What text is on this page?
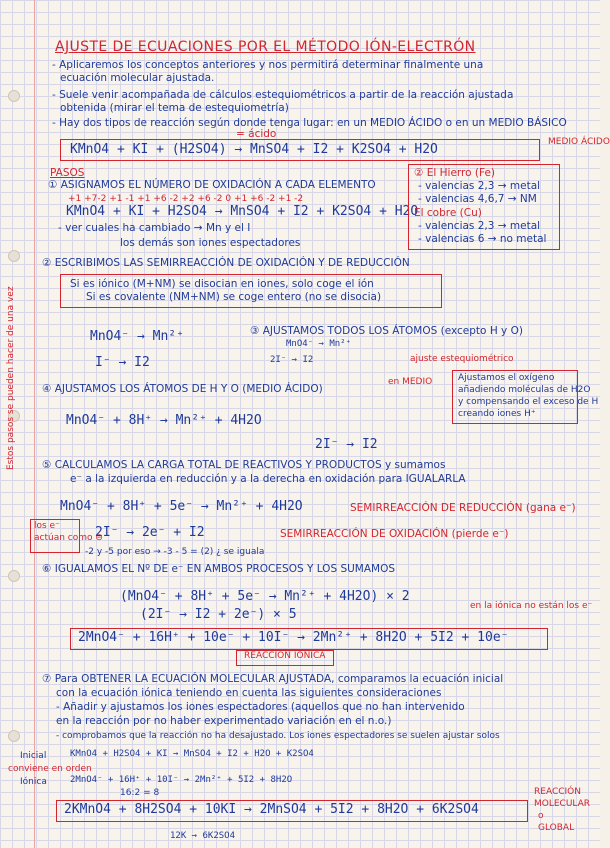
AJUSTE DE ECUACIONES POR EL MÉTODO IÓN-ELECTRÓN
- Aplicaremos los conceptos anteriores y nos permitirá determinar finalmente una
ecuación molecular ajustada.
- Suele venir acompañada de cálculos estequiométricos a partir de la reacción ajustada
obtenida (mirar el tema de estequiometría)
- Hay dos tipos de reacción según donde tenga lugar: en un MEDIO ÁCIDO o en un MEDIO BÁSICO
= ácido
KMnO4 + KI + (H2SO4) → MnSO4 + I2 + K2SO4 + H2O	MEDIO ÁCIDO
PASOS
① ASIGNAMOS EL NÚMERO DE OXIDACIÓN A CADA ELEMENTO
+1 +7-2 +1 -1 +1 +6 -2 +2 +6 -2 0 +1 +6 -2 +1 -2
KMnO4 + KI + H2SO4 → MnSO4 + I2 + K2SO4 + H2O
- ver cuales ha cambiado → Mn y el I
los demás son iones espectadores
② El Hierro (Fe)
- valencias 2,3 → metal
- valencias 4,6,7 → NM
El cobre (Cu)
- valencias 2,3 → metal
- valencias 6 → no metal
② ESCRIBIMOS LAS SEMIRREACCIÓN DE OXIDACIÓN Y DE REDUCCIÓN
Si es iónico (M+NM) se disocian en iones, solo coge el ión
Si es covalente (NM+NM) se coge entero (no se disocia)
MnO4⁻ → Mn²⁺
I⁻ → I2
③ AJUSTAMOS TODOS LOS ÁTOMOS (excepto H y O)
MnO4⁻ → Mn²⁺
2I⁻ → I2	ajuste estequiométrico
④ AJUSTAMOS LOS ÁTOMOS DE H Y O (MEDIO ÁCIDO)
en MEDIO	Ajustamos el oxígeno
añadiendo moléculas de H2O
y compensando el exceso de H
creando iones H⁺
MnO4⁻ + 8H⁺ → Mn²⁺ + 4H2O
2I⁻ → I2
⑤ CALCULAMOS LA CARGA TOTAL DE REACTIVOS Y PRODUCTOS y sumamos
e⁻ a la izquierda en reducción y a la derecha en oxidación para IGUALARLA
MnO4⁻ + 8H⁺ + 5e⁻ → Mn²⁺ + 4H2O	SEMIRREACCIÓN DE REDUCCIÓN (gana e⁻)
los e⁻
actúan como ⊖
2I⁻ → 2e⁻ + I2	SEMIRREACCIÓN DE OXIDACIÓN (pierde e⁻)
-2 y -5 por eso → -3 - 5 = (2) ¿ se iguala
⑥ IGUALAMOS EL Nº DE e⁻ EN AMBOS PROCESOS Y LOS SUMAMOS
(MnO4⁻ + 8H⁺ + 5e⁻ → Mn²⁺ + 4H2O) × 2
(2I⁻ → I2 + 2e⁻) × 5
en la iónica no están los e⁻
2MnO4⁻ + 16H⁺ + 10e⁻ + 10I⁻ → 2Mn²⁺ + 8H2O + 5I2 + 10e⁻
REACCIÓN IÓNICA
⑦ Para OBTENER LA ECUACIÓN MOLECULAR AJUSTADA, comparamos la ecuación inicial
con la ecuación iónica teniendo en cuenta las siguientes consideraciones
- Añadir y ajustamos los iones espectadores (aquellos que no han intervenido
en la reacción por no haber experimentado variación en el n.o.)
- comprobamos que la reacción no ha desajustado. Los iones espectadores se suelen ajustar solos
Inicial	KMnO4 + H2SO4 + KI → MnSO4 + I2 + H2O + K2SO4
conviene en orden
Iónica	2MnO4⁻ + 16H⁺ + 10I⁻ → 2Mn²⁺ + 5I2 + 8H2O
16:2 = 8
2KMnO4 + 8H2SO4 + 10KI → 2MnSO4 + 5I2 + 8H2O + 6K2SO4
REACCIÓN
MOLECULAR
o
GLOBAL
12K → 6K2SO4
Estos pasos se pueden hacer de una vez
